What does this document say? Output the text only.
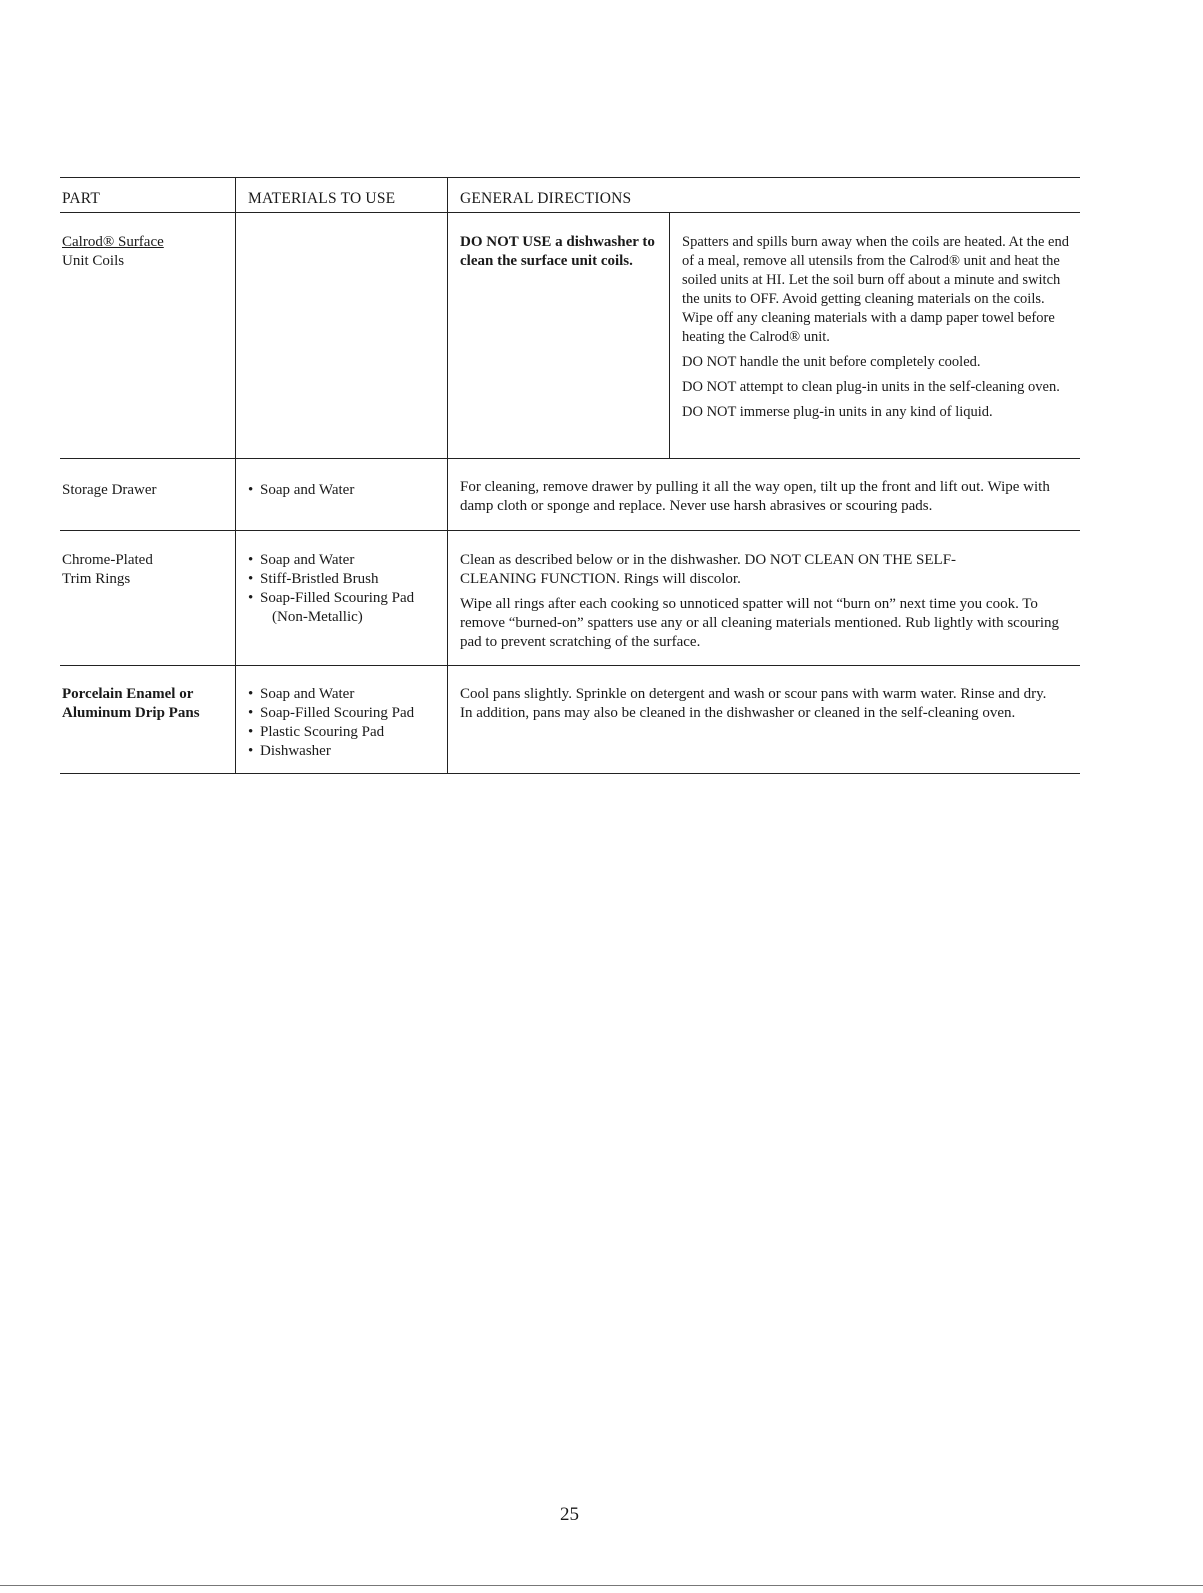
PART	MATERIALS TO USE	GENERAL DIRECTIONS
Calrod® Surface
Unit Coils
DO NOT USE a dishwasher to clean the surface unit coils.

Spatters and spills burn away when the coils are heated. At the end of a meal, remove all utensils from the Calrod® unit and heat the soiled units at HI. Let the soil burn off about a minute and switch the units to OFF. Avoid getting cleaning materials on the coils. Wipe off any cleaning materials with a damp paper towel before heating the Calrod® unit.

DO NOT handle the unit before completely cooled.

DO NOT attempt to clean plug-in units in the self-cleaning oven.

DO NOT immerse plug-in units in any kind of liquid.

Storage Drawer
•	Soap and Water	For cleaning, remove drawer by pulling it all the way open, tilt up the front and lift out. Wipe with damp cloth or sponge and replace. Never use harsh abrasives or scouring pads.

Chrome-Plated
Trim Rings
• Soap and Water
• Stiff-Bristled Brush
• Soap-Filled Scouring Pad
(Non-Metallic)

Clean as described below or in the dishwasher. DO NOT CLEAN ON THE SELF-CLEANING FUNCTION. Rings will discolor.

Wipe all rings after each cooking so unnoticed spatter will not “burn on” next time you cook. To remove “burned-on” spatters use any or all cleaning materials mentioned. Rub lightly with scouring pad to prevent scratching of the surface.

Porcelain Enamel or
Aluminum Drip Pans
• Soap and Water
• Soap-Filled Scouring Pad
• Plastic Scouring Pad
• Dishwasher

Cool pans slightly. Sprinkle on detergent and wash or scour pans with warm water. Rinse and dry. In addition, pans may also be cleaned in the dishwasher or cleaned in the self-cleaning oven.

25
